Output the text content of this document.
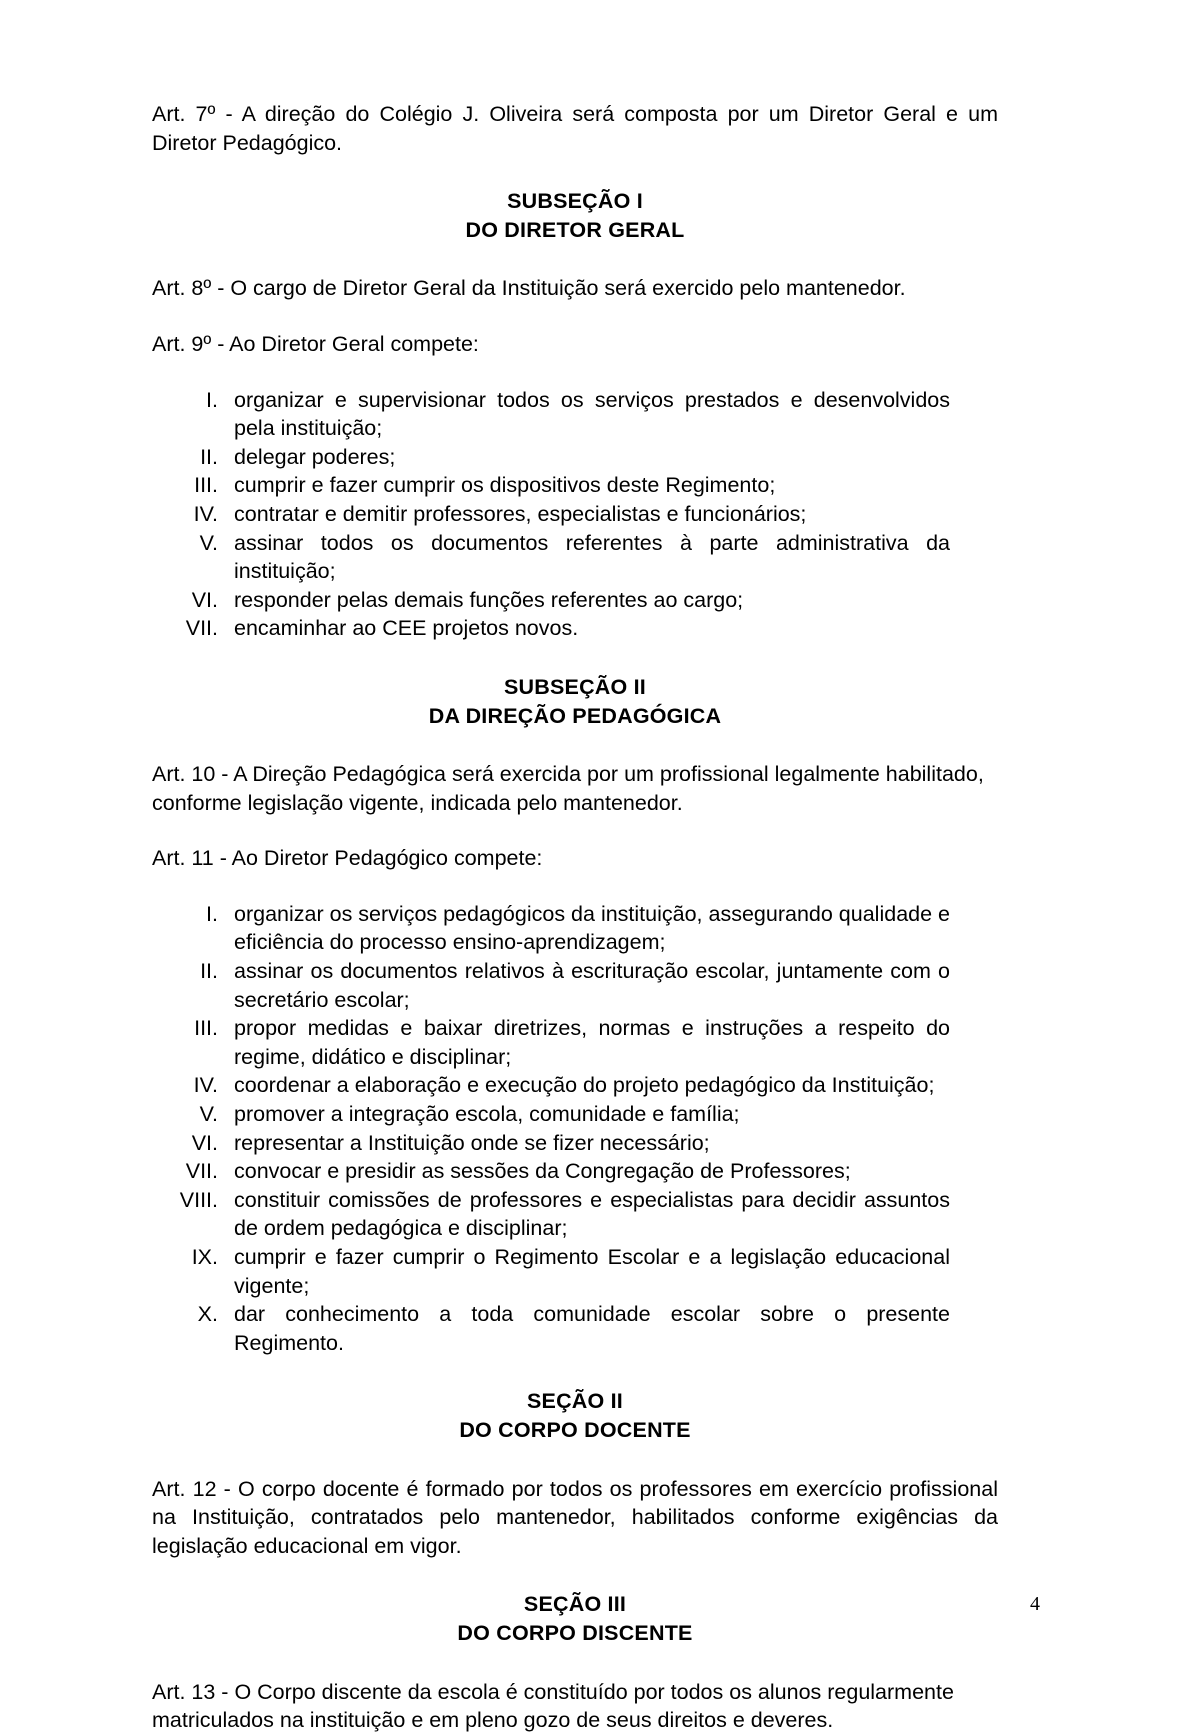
Art. 7º - A direção do Colégio J. Oliveira será composta por um Diretor Geral e um Diretor Pedagógico.

SUBSEÇÃO I
DO DIRETOR GERAL

Art. 8º - O cargo de Diretor Geral da Instituição será exercido pelo mantenedor.

Art. 9º - Ao Diretor Geral compete:

I. organizar e supervisionar todos os serviços prestados e desenvolvidos pela instituição;
II. delegar poderes;
III. cumprir e fazer cumprir os dispositivos deste Regimento;
IV. contratar e demitir professores, especialistas e funcionários;
V. assinar todos os documentos referentes à parte administrativa da instituição;
VI. responder pelas demais funções referentes ao cargo;
VII. encaminhar ao CEE projetos novos.
SUBSEÇÃO II
DA DIREÇÃO PEDAGÓGICA

Art. 10 - A Direção Pedagógica será exercida por um profissional legalmente habilitado, conforme legislação vigente, indicada pelo mantenedor.

Art. 11 - Ao Diretor Pedagógico compete:

I. organizar os serviços pedagógicos da instituição, assegurando qualidade e eficiência do processo ensino-aprendizagem;
II. assinar os documentos relativos à escrituração escolar, juntamente com o secretário escolar;
III. propor medidas e baixar diretrizes, normas e instruções a respeito do regime, didático e disciplinar;
IV. coordenar a elaboração e execução do projeto pedagógico da Instituição;
V. promover a integração escola, comunidade e família;
VI. representar a Instituição onde se fizer necessário;
VII. convocar e presidir as sessões da Congregação de Professores;
VIII. constituir comissões de professores e especialistas para decidir assuntos de ordem pedagógica e disciplinar;
IX. cumprir e fazer cumprir o Regimento Escolar e a legislação educacional vigente;
X. dar conhecimento a toda comunidade escolar sobre o presente Regimento.
SEÇÃO II
DO CORPO DOCENTE

Art. 12 - O corpo docente é formado por todos os professores em exercício profissional na Instituição, contratados pelo mantenedor, habilitados conforme exigências da legislação educacional em vigor.

SEÇÃO III
DO CORPO DISCENTE

Art. 13 - O Corpo discente da escola é constituído por todos os alunos regularmente matriculados na instituição e em pleno gozo de seus direitos e deveres.

4
